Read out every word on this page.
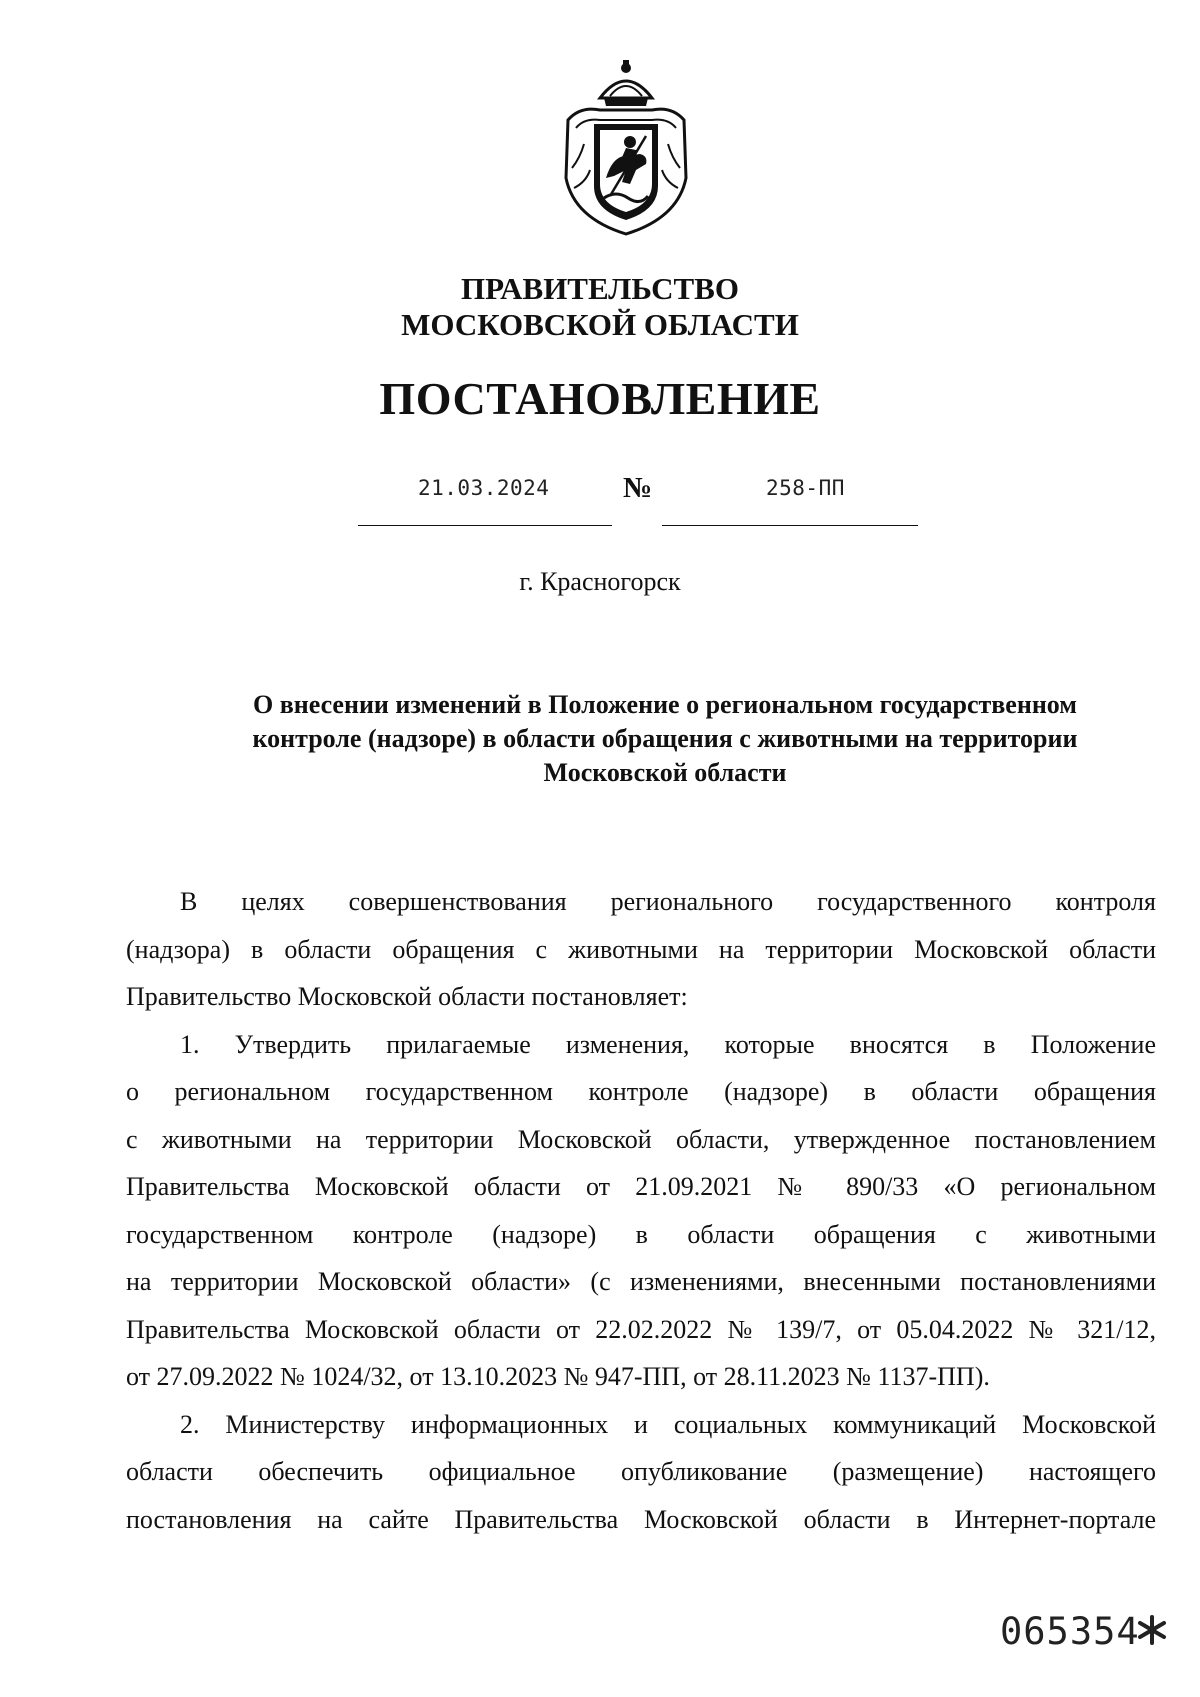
ПРАВИТЕЛЬСТВО
МОСКОВСКОЙ ОБЛАСТИ
ПОСТАНОВЛЕНИЕ
21.03.2024	№	258-ПП
г. Красногорск
О внесении изменений в Положение о региональном государственном
контроле (надзоре) в области обращения с животными на территории
Московской области
В целях совершенствования регионального государственного контроля
(надзора) в области обращения с животными на территории Московской области
Правительство Московской области постановляет:
1. Утвердить прилагаемые изменения, которые вносятся в Положение
о региональном государственном контроле (надзоре) в области обращения
с животными на территории Московской области, утвержденное постановлением
Правительства Московской области от 21.09.2021 № 890/33 «О региональном
государственном контроле (надзоре) в области обращения с животными
на территории Московской области» (с изменениями, внесенными постановлениями
Правительства Московской области от 22.02.2022 № 139/7, от 05.04.2022 № 321/12,
от 27.09.2022 № 1024/32, от 13.10.2023 № 947-ПП, от 28.11.2023 № 1137-ПП).
2. Министерству информационных и социальных коммуникаций Московской
области обеспечить официальное опубликование (размещение) настоящего
постановления на сайте Правительства Московской области в Интернет-портале
065354
